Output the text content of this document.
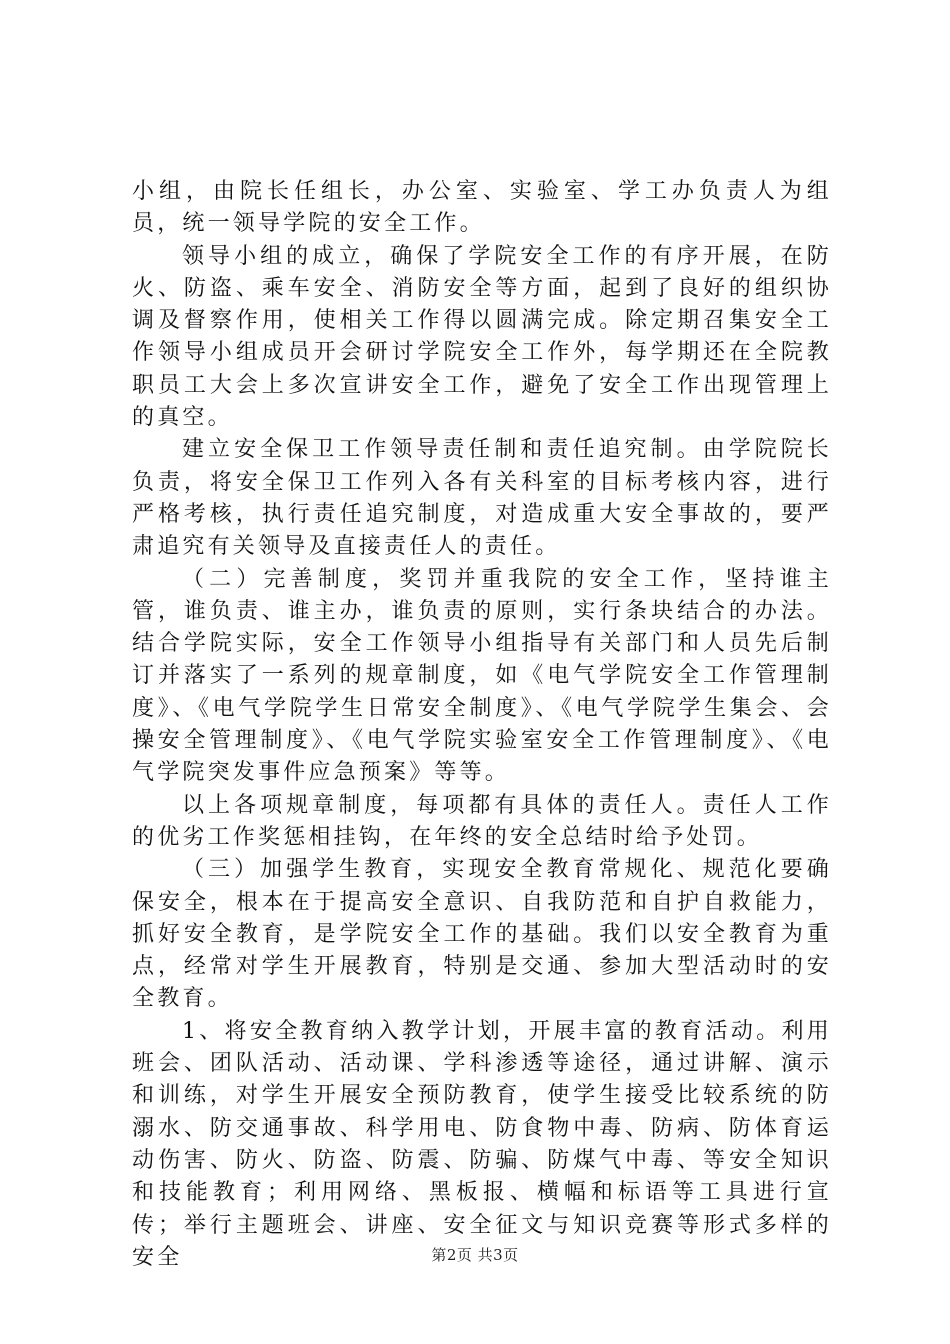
小组，由院长任组长，办公室、实验室、学工办负责人为组员，统一领导学院的安全工作。

领导小组的成立，确保了学院安全工作的有序开展，在防火、防盗、乘车安全、消防安全等方面，起到了良好的组织协调及督察作用，使相关工作得以圆满完成。除定期召集安全工作领导小组成员开会研讨学院安全工作外，每学期还在全院教职员工大会上多次宣讲安全工作，避免了安全工作出现管理上的真空。

建立安全保卫工作领导责任制和责任追究制。由学院院长负责，将安全保卫工作列入各有关科室的目标考核内容，进行严格考核，执行责任追究制度，对造成重大安全事故的，要严肃追究有关领导及直接责任人的责任。

（二）完善制度，奖罚并重我院的安全工作，坚持谁主管，谁负责、谁主办，谁负责的原则，实行条块结合的办法。结合学院实际，安全工作领导小组指导有关部门和人员先后制订并落实了一系列的规章制度，如《电气学院安全工作管理制度》、《电气学院学生日常安全制度》、《电气学院学生集会、会操安全管理制度》、《电气学院实验室安全工作管理制度》、《电气学院突发事件应急预案》等等。

以上各项规章制度，每项都有具体的责任人。责任人工作的优劣工作奖惩相挂钩，在年终的安全总结时给予处罚。

（三）加强学生教育，实现安全教育常规化、规范化要确保安全，根本在于提高安全意识、自我防范和自护自救能力，抓好安全教育，是学院安全工作的基础。我们以安全教育为重点，经常对学生开展教育，特别是交通、参加大型活动时的安全教育。

1、将安全教育纳入教学计划，开展丰富的教育活动。利用班会、团队活动、活动课、学科渗透等途径，通过讲解、演示和训练，对学生开展安全预防教育，使学生接受比较系统的防溺水、防交通事故、科学用电、防食物中毒、防病、防体育运动伤害、防火、防盗、防震、防骗、防煤气中毒、等安全知识和技能教育；利用网络、黑板报、横幅和标语等工具进行宣传；举行主题班会、讲座、安全征文与知识竞赛等形式多样的安全	第2页 共3页
